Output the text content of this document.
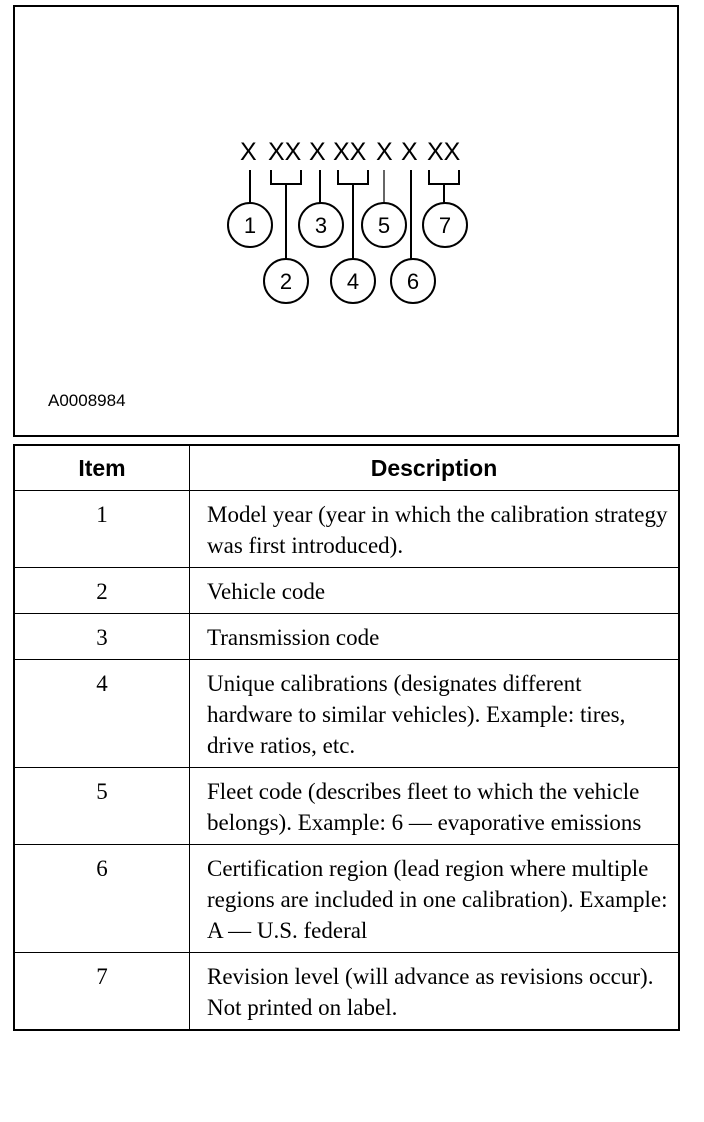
X XX X XX X X XX
1
2
3
4
5
6
7
A0008984
Item	Description
1	Model year (year in which the calibration strategy was first introduced).
2	Vehicle code
3	Transmission code
4	Unique calibrations (designates different hardware to similar vehicles). Example: tires, drive ratios, etc.
5	Fleet code (describes fleet to which the vehicle belongs). Example: 6 — evaporative emissions
6	Certification region (lead region where multiple regions are included in one calibration). Example: A — U.S. federal
7	Revision level (will advance as revisions occur). Not printed on label.
